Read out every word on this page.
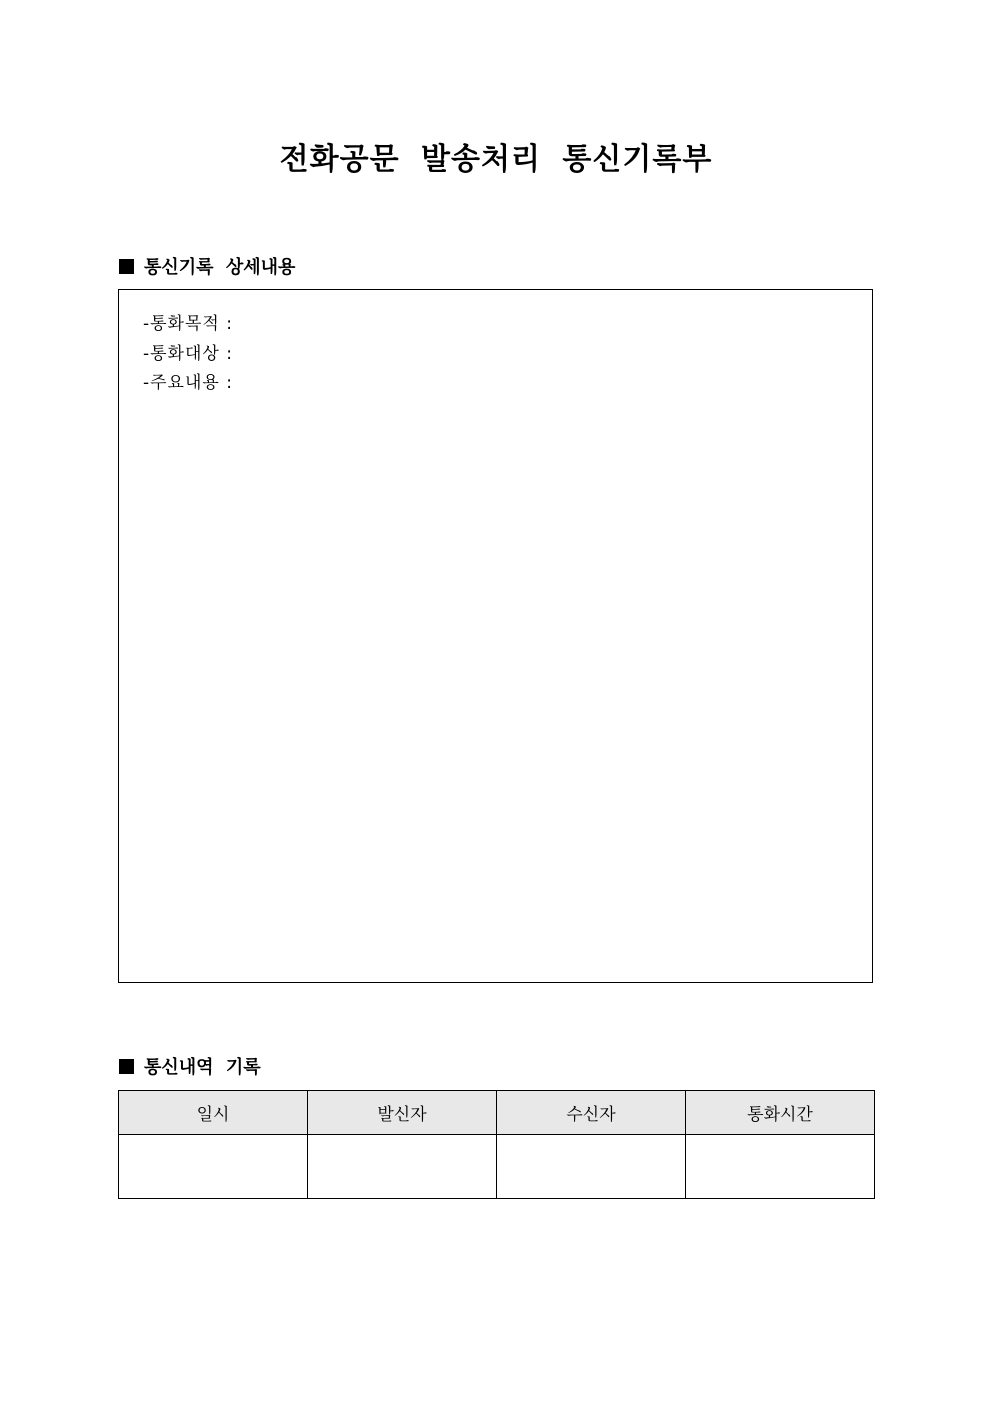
전화공문 발송처리 통신기록부
통신기록 상세내용
-통화목적 :
-통화대상 :
-주요내용 :
통신내역 기록
일시	발신자	수신자	통화시간
